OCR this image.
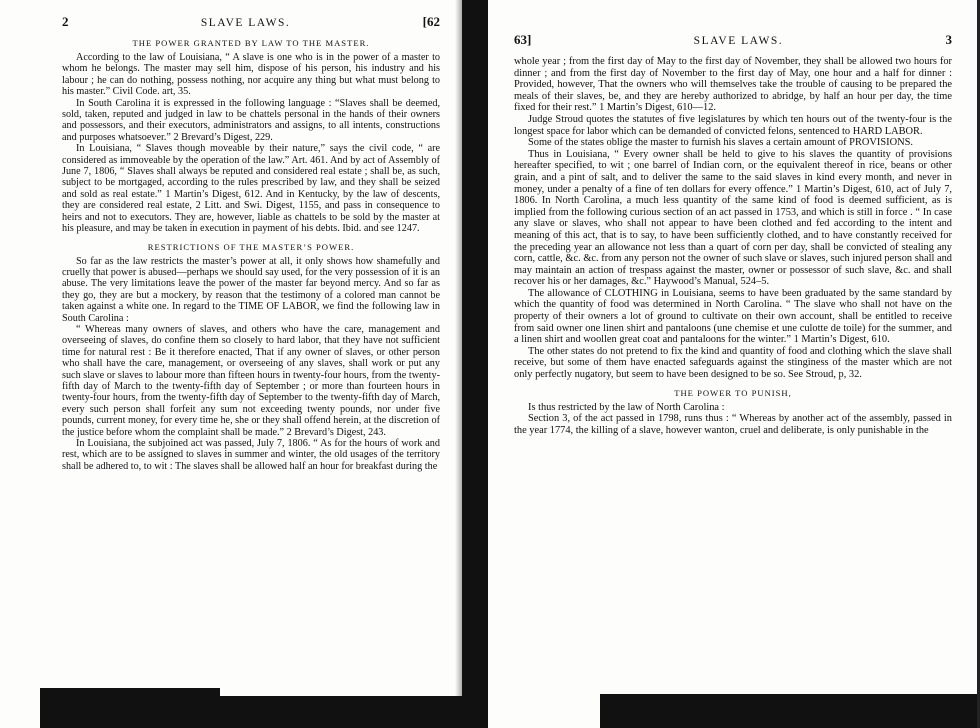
2	SLAVE LAWS.	[62
THE POWER GRANTED BY LAW TO THE MASTER.

According to the law of Louisiana, “ A slave is one who is in the power of a master to whom he belongs. The master may sell him, dispose of his person, his industry and his labour ; he can do nothing, possess nothing, nor acquire any thing but what must belong to his master.” Civil Code. art, 35.

In South Carolina it is expressed in the following language : “Slaves shall be deemed, sold, taken, reputed and judged in law to be chattels personal in the hands of their owners and possessors, and their executors, administrators and assigns, to all intents, constructions and purposes whatsoever.” 2 Brevard’s Digest, 229.

In Louisiana, “ Slaves though moveable by their nature,” says the civil code, “ are considered as immoveable by the operation of the law.” Art. 461. And by act of Assembly of June 7, 1806, “ Slaves shall always be reputed and considered real estate ; shall be, as such, subject to be mortgaged, according to the rules prescribed by law, and they shall be seized and sold as real estate.” 1 Martin’s Digest, 612. And in Kentucky, by the law of descents, they are considered real estate, 2 Litt. and Swi. Digest, 1155, and pass in consequence to heirs and not to executors. They are, however, liable as chattels to be sold by the master at his pleasure, and may be taken in execution in payment of his debts. Ibid. and see 1247.

RESTRICTIONS OF THE MASTER’S POWER.

So far as the law restricts the master’s power at all, it only shows how shamefully and cruelly that power is abused—perhaps we should say used, for the very possession of it is an abuse. The very limitations leave the power of the master far beyond mercy. And so far as they go, they are but a mockery, by reason that the testimony of a colored man cannot be taken against a white one. In regard to the TIME OF LABOR, we find the following law in South Carolina :

“ Whereas many owners of slaves, and others who have the care, management and overseeing of slaves, do confine them so closely to hard labor, that they have not sufficient time for natural rest : Be it therefore enacted, That if any owner of slaves, or other person who shall have the care, management, or overseeing of any slaves, shall work or put any such slave or slaves to labour more than fifteen hours in twenty-four hours, from the twenty-fifth day of March to the twenty-fifth day of September ; or more than fourteen hours in twenty-four hours, from the twenty-fifth day of September to the twenty-fifth day of March, every such person shall forfeit any sum not exceeding twenty pounds, nor under five pounds, current money, for every time he, she or they shall offend herein, at the discretion of the justice before whom the complaint shall be made.” 2 Brevard’s Digest, 243.

In Louisiana, the subjoined act was passed, July 7, 1806. “ As for the hours of work and rest, which are to be assigned to slaves in summer and winter, the old usages of the territory shall be adhered to, to wit : The slaves shall be allowed half an hour for breakfast during the

63]	SLAVE LAWS.	3

whole year ; from the first day of May to the first day of November, they shall be allowed two hours for dinner ; and from the first day of November to the first day of May, one hour and a half for dinner : Provided, however, That the owners who will themselves take the trouble of causing to be prepared the meals of their slaves, be, and they are hereby authorized to abridge, by half an hour per day, the time fixed for their rest.” 1 Martin’s Digest, 610—12.

Judge Stroud quotes the statutes of five legislatures by which ten hours out of the twenty-four is the longest space for labor which can be demanded of convicted felons, sentenced to HARD LABOR.

Some of the states oblige the master to furnish his slaves a certain amount of PROVISIONS.

Thus in Louisiana, “ Every owner shall be held to give to his slaves the quantity of provisions hereafter specified, to wit ; one barrel of Indian corn, or the equivalent thereof in rice, beans or other grain, and a pint of salt, and to deliver the same to the said slaves in kind every month, and never in money, under a penalty of a fine of ten dollars for every offence.” 1 Martin’s Digest, 610, act of July 7, 1806. In North Carolina, a much less quantity of the same kind of food is deemed sufficient, as is implied from the following curious section of an act passed in 1753, and which is still in force . “ In case any slave or slaves, who shall not appear to have been clothed and fed according to the intent and meaning of this act, that is to say, to have been sufficiently clothed, and to have constantly received for the preceding year an allowance not less than a quart of corn per day, shall be convicted of stealing any corn, cattle, &c. &c. from any person not the owner of such slave or slaves, such injured person shall and may maintain an action of trespass against the master, owner or possessor of such slave, &c. and shall recover his or her damages, &c.” Haywood’s Manual, 524–5.

The allowance of CLOTHING in Louisiana, seems to have been graduated by the same standard by which the quantity of food was determined in North Carolina. “ The slave who shall not have on the property of their owners a lot of ground to cultivate on their own account, shall be entitled to receive from said owner one linen shirt and pantaloons (une chemise et une culotte de toile) for the summer, and a linen shirt and woollen great coat and pantaloons for the winter.” 1 Martin’s Digest, 610.

The other states do not pretend to fix the kind and quantity of food and clothing which the slave shall receive, but some of them have enacted safeguards against the stinginess of the master which are not only perfectly nugatory, but seem to have been designed to be so. See Stroud, p, 32.

THE POWER TO PUNISH,

Is thus restricted by the law of North Carolina :

Section 3, of the act passed in 1798, runs thus : “ Whereas by another act of the assembly, passed in the year 1774, the killing of a slave, however wanton, cruel and deliberate, is only punishable in the
